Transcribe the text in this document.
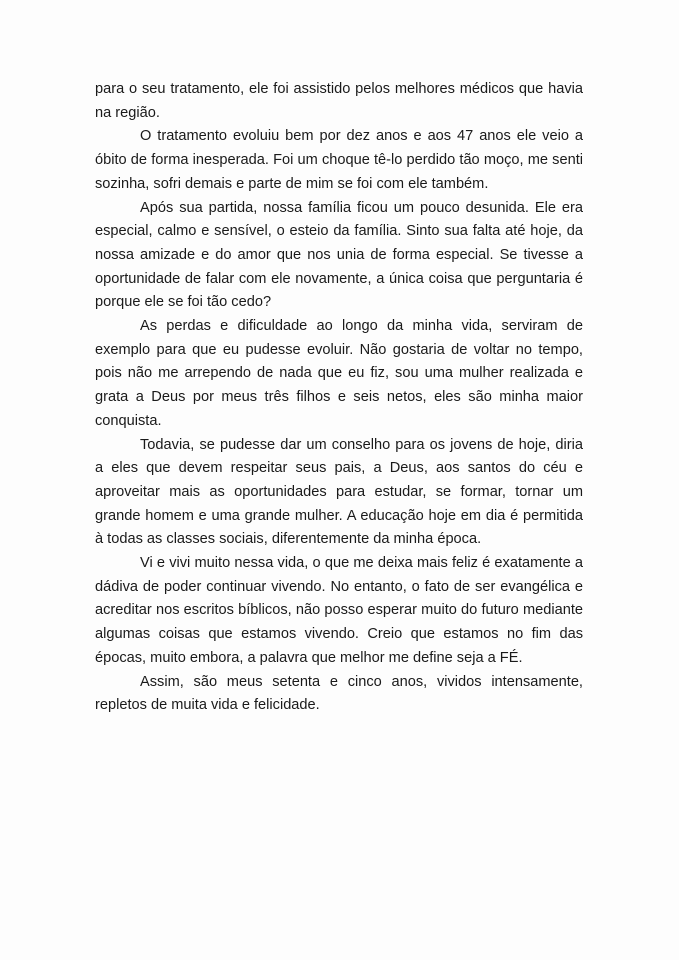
para o seu tratamento, ele foi assistido pelos melhores médicos que havia na região.

O tratamento evoluiu bem por dez anos e aos 47 anos ele veio a óbito de forma inesperada. Foi um choque tê-lo perdido tão moço, me senti sozinha, sofri demais e parte de mim se foi com ele também.

Após sua partida, nossa família ficou um pouco desunida. Ele era especial, calmo e sensível, o esteio da família. Sinto sua falta até hoje, da nossa amizade e do amor que nos unia de forma especial. Se tivesse a oportunidade de falar com ele novamente, a única coisa que perguntaria é porque ele se foi tão cedo?

As perdas e dificuldade ao longo da minha vida, serviram de exemplo para que eu pudesse evoluir. Não gostaria de voltar no tempo, pois não me arrependo de nada que eu fiz, sou uma mulher realizada e grata a Deus por meus três filhos e seis netos, eles são minha maior conquista.

Todavia, se pudesse dar um conselho para os jovens de hoje, diria a eles que devem respeitar seus pais, a Deus, aos santos do céu e aproveitar mais as oportunidades para estudar, se formar, tornar um grande homem e uma grande mulher. A educação hoje em dia é permitida à todas as classes sociais, diferentemente da minha época.

Vi e vivi muito nessa vida, o que me deixa mais feliz é exatamente a dádiva de poder continuar vivendo. No entanto, o fato de ser evangélica e acreditar nos escritos bíblicos, não posso esperar muito do futuro mediante algumas coisas que estamos vivendo. Creio que estamos no fim das épocas, muito embora, a palavra que melhor me define seja a FÉ.

Assim, são meus setenta e cinco anos, vividos intensamente, repletos de muita vida e felicidade.
